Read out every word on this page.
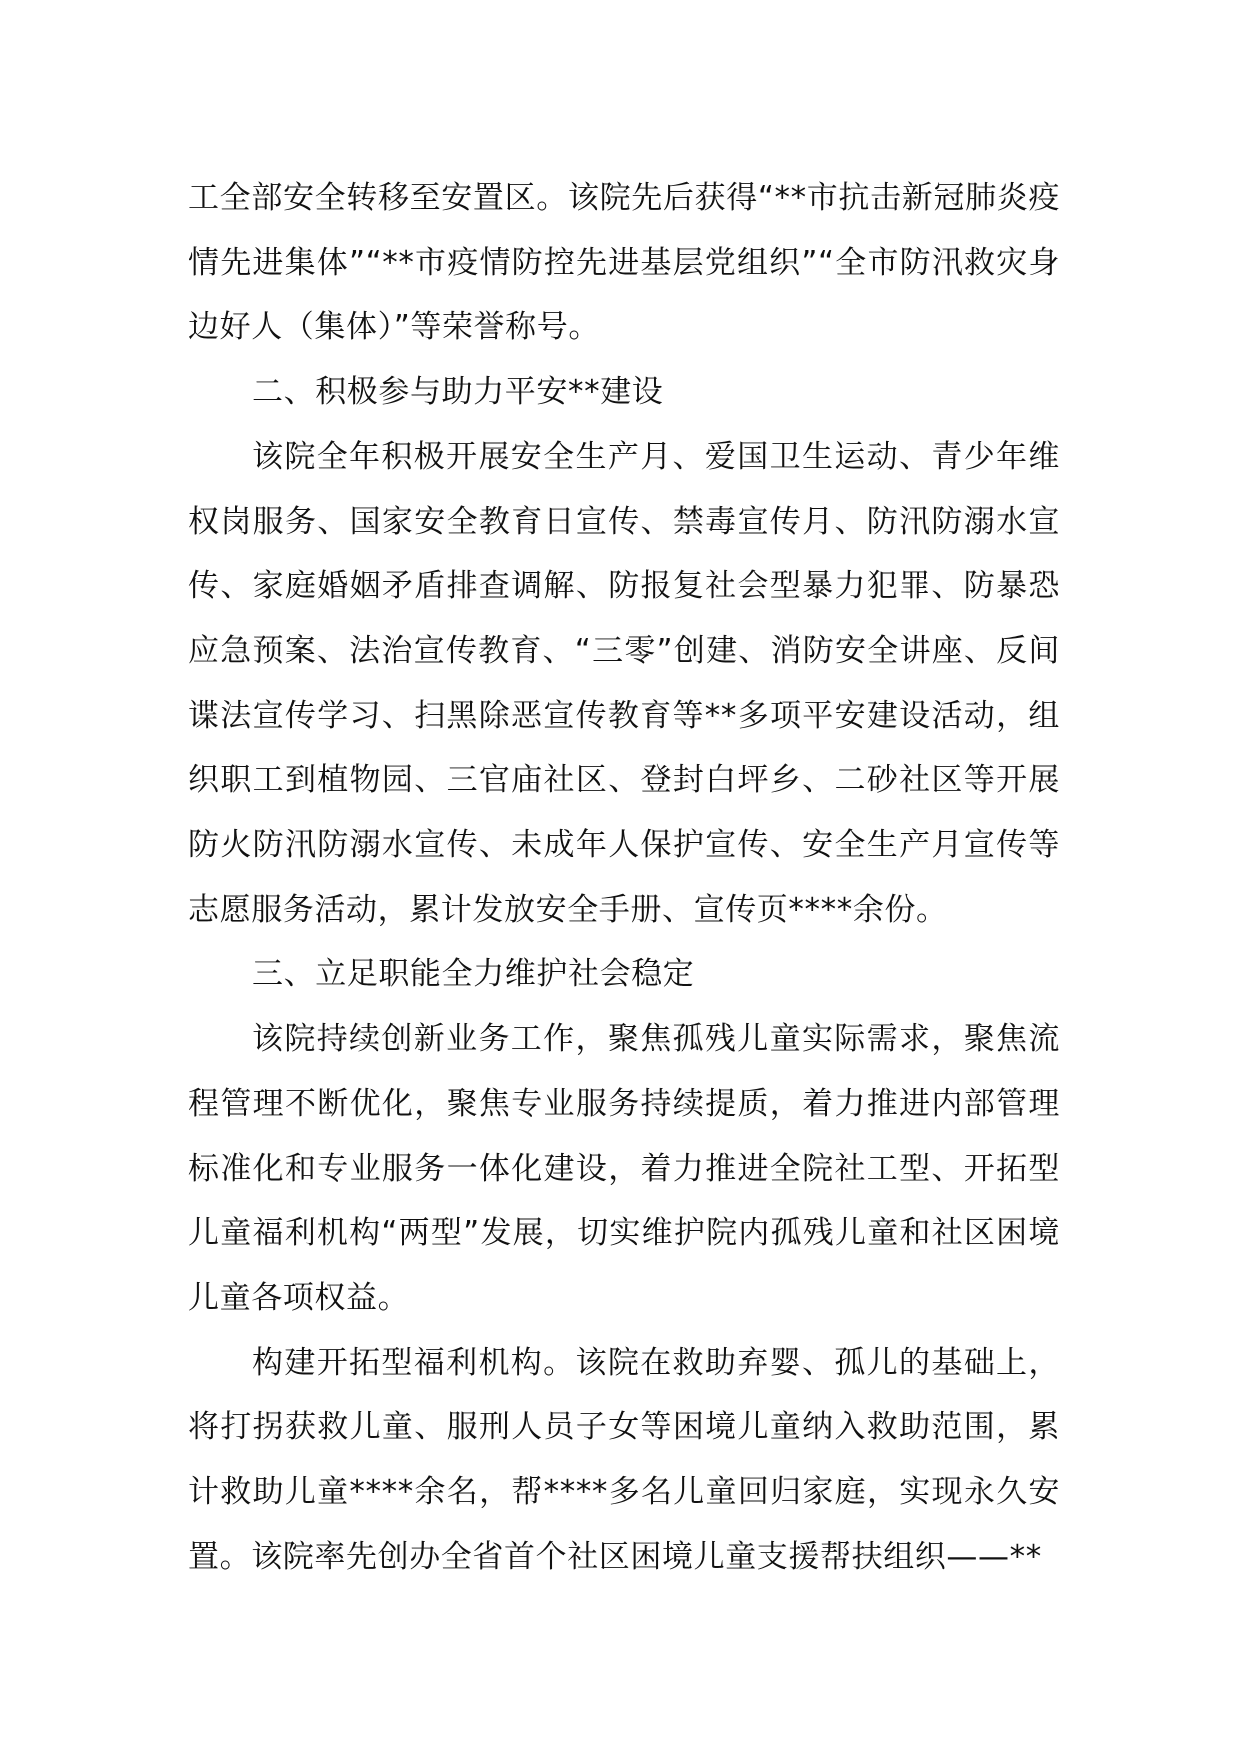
工全部安全转移至安置区。该院先后获得“**市抗击新冠肺炎疫情先进集体”“**市疫情防控先进基层党组织”“全市防汛救灾身边好人（集体）”等荣誉称号。

二、积极参与助力平安**建设

该院全年积极开展安全生产月、爱国卫生运动、青少年维权岗服务、国家安全教育日宣传、禁毒宣传月、防汛防溺水宣传、家庭婚姻矛盾排查调解、防报复社会型暴力犯罪、防暴恐应急预案、法治宣传教育、“三零”创建、消防安全讲座、反间谍法宣传学习、扫黑除恶宣传教育等**多项平安建设活动，组织职工到植物园、三官庙社区、登封白坪乡、二砂社区等开展防火防汛防溺水宣传、未成年人保护宣传、安全生产月宣传等志愿服务活动，累计发放安全手册、宣传页****余份。

三、立足职能全力维护社会稳定

该院持续创新业务工作，聚焦孤残儿童实际需求，聚焦流程管理不断优化，聚焦专业服务持续提质，着力推进内部管理标准化和专业服务一体化建设，着力推进全院社工型、开拓型儿童福利机构“两型”发展，切实维护院内孤残儿童和社区困境儿童各项权益。

构建开拓型福利机构。该院在救助弃婴、孤儿的基础上，将打拐获救儿童、服刑人员子女等困境儿童纳入救助范围，累计救助儿童****余名，帮****多名儿童回归家庭，实现永久安置。该院率先创办全省首个社区困境儿童支援帮扶组织——**
